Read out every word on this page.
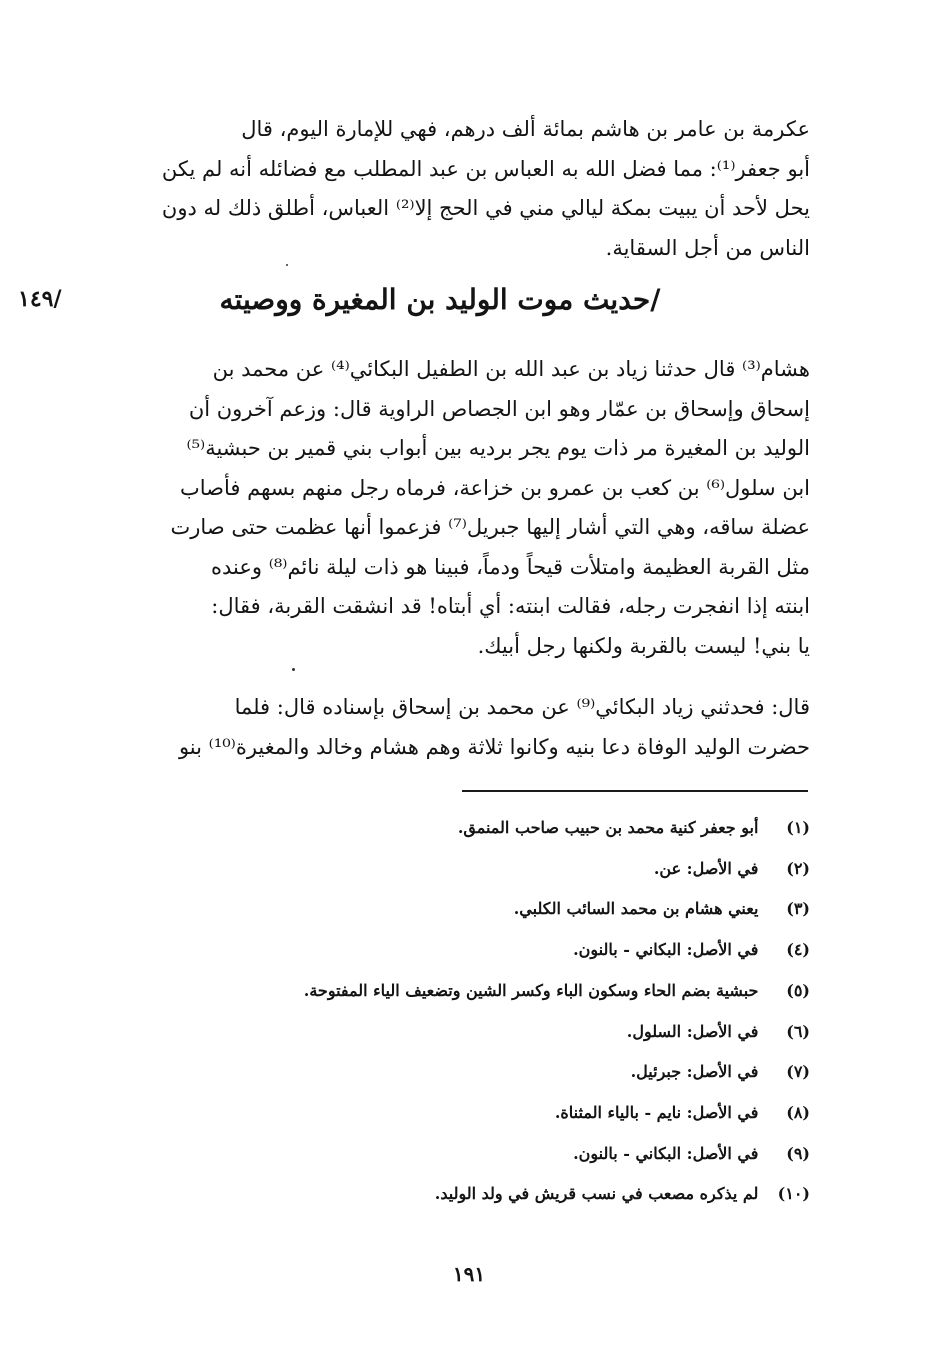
عكرمة بن عامر بن هاشم بمائة ألف درهم، فهي للإمارة اليوم، قال
أبو جعفر⁽¹⁾: مما فضل الله به العباس بن عبد المطلب مع فضائله أنه لم يكن
يحل لأحد أن يبيت بمكة ليالي مني في الحج إلا⁽²⁾ العباس، أطلق ذلك له دون
الناس من أجل السقاية.
١٤٩/	/حديث موت الوليد بن المغيرة ووصيته
هشام⁽³⁾ قال حدثنا زياد بن عبد الله بن الطفيل البكائي⁽⁴⁾ عن محمد بن
إسحاق وإسحاق بن عمّار وهو ابن الجصاص الراوية قال: وزعم آخرون أن
الوليد بن المغيرة مر ذات يوم يجر برديه بين أبواب بني قمير بن حبشية⁽⁵⁾
ابن سلول⁽⁶⁾ بن كعب بن عمرو بن خزاعة، فرماه رجل منهم بسهم فأصاب
عضلة ساقه، وهي التي أشار إليها جبريل⁽⁷⁾ فزعموا أنها عظمت حتى صارت
مثل القربة العظيمة وامتلأت قيحاً ودماً، فبينا هو ذات ليلة نائم⁽⁸⁾ وعنده
ابنته إذا انفجرت رجله، فقالت ابنته: أي أبتاه! قد انشقت القربة، فقال:
يا بني! ليست بالقربة ولكنها رجل أبيك.
قال: فحدثني زياد البكائي⁽⁹⁾ عن محمد بن إسحاق بإسناده قال: فلما
حضرت الوليد الوفاة دعا بنيه وكانوا ثلاثة وهم هشام وخالد والمغيرة⁽¹⁰⁾ بنو
(١) أبو جعفر كنية محمد بن حبيب صاحب المنمق.
(٢) في الأصل: عن.
(٣) يعني هشام بن محمد السائب الكلبي.
(٤) في الأصل: البكاني - بالنون.
(٥) حبشية بضم الحاء وسكون الباء وكسر الشين وتضعيف الياء المفتوحة.
(٦) في الأصل: السلول.
(٧) في الأصل: جبرئيل.
(٨) في الأصل: نايم - بالياء المثناة.
(٩) في الأصل: البكاني - بالنون.
(١٠) لم يذكره مصعب في نسب قريش في ولد الوليد.
١٩١
